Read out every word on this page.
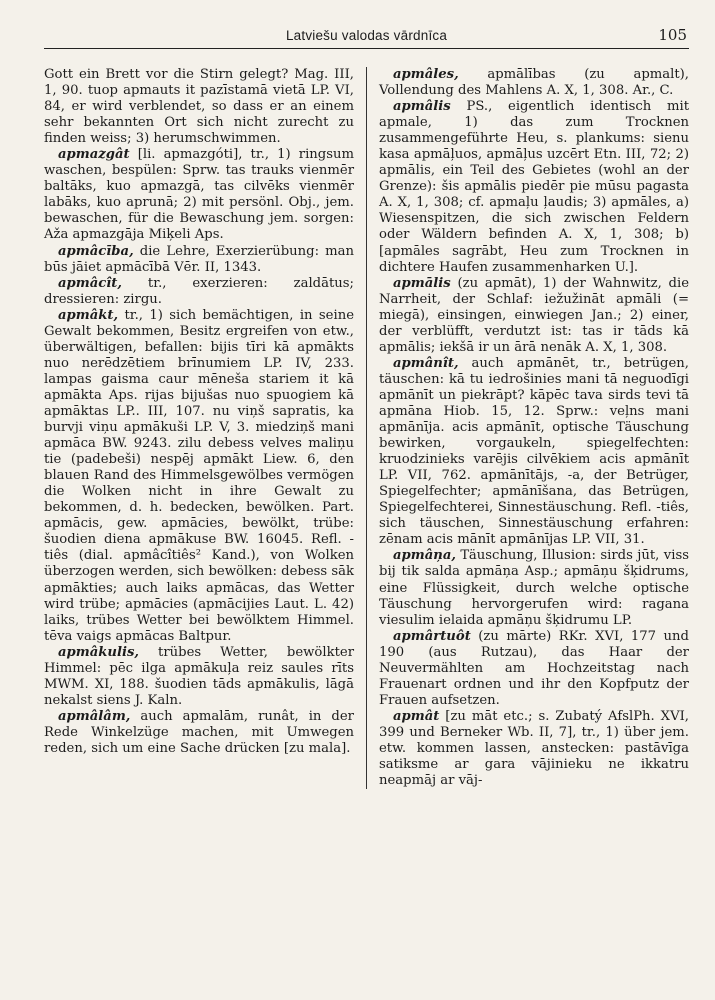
Latviešu valodas vārdnīca	105

Gott ein Brett vor die Stirn gelegt? Mag. III, 1, 90. tuop apmauts it pazīstamā vietā LP. VI, 84, er wird verblendet, so dass er an einem sehr bekannten Ort sich nicht zurecht zu finden weiss; 3) herumschwimmen.

apmazgât [li. apmazgóti], tr., 1) ringsum waschen, bespülen: Sprw. tas trauks vienmēr baltāks, kuo apmazgā, tas cilvēks vienmēr labāks, kuo aprunā; 2) mit persönl. Obj., jem. bewaschen, für die Bewaschung jem. sorgen: Aža apmazgāja Miķeli Aps.

apmâcība, die Lehre, Exerzierübung: man būs jāiet apmācībā Vēr. II, 1343.

apmâcît, tr., exerzieren: zaldātus; dressieren: zirgu.

apmâkt, tr., 1) sich bemächtigen, in seine Gewalt bekommen, Besitz ergreifen von etw., überwältigen, befallen: bijis tīri kā apmākts nuo nerēdzētiem brīnumiem LP. IV, 233. lampas gaisma caur mēneša stariem it kā apmākta Aps. rijas bijušas nuo spuogiem kā apmāktas LP.. III, 107. nu viņš sapratis, ka burvji viņu apmākuši LP. V, 3. miedziņš mani apmāca BW. 9243. zilu debess velves maliņu tie (padebeši) nespēj apmākt Liew. 6, den blauen Rand des Himmelsgewölbes vermögen die Wolken nicht in ihre Gewalt zu bekommen, d. h. bedecken, bewölken. Part. apmācis, gew. apmācies, bewölkt, trübe: šuodien diena apmākuse BW. 16045. Refl. -tiês (dial. apmâcîtiês² Kand.), von Wolken überzogen werden, sich bewölken: debess sāk apmākties; auch laiks apmācas, das Wetter wird trübe; apmācies (apmācijies Laut. L. 42) laiks, trübes Wetter bei bewölktem Himmel. tēva vaigs apmācas Baltpur.

apmâkulis, trübes Wetter, bewölkter Himmel: pēc ilga apmākuļa reiz saules rīts MWM. XI, 188. šuodien tāds apmākulis, lāgā nekalst siens J. Kaln.

apmâlâm, auch apmalām, runât, in der Rede Winkelzüge machen, mit Umwegen reden, sich um eine Sache drücken [zu mala].

apmâles, apmālības (zu apmalt), Vollendung des Mahlens A. X, 1, 308. Ar., C.

apmâlis PS., eigentlich identisch mit apmale, 1) das zum Trocknen zusammengeführte Heu, s. plankums: sienu kasa apmāļuos, apmāļus uzcērt Etn. III, 72; 2) apmālis, ein Teil des Gebietes (wohl an der Grenze): šis apmālis piedēr pie mūsu pagasta A. X, 1, 308; cf. apmaļu ļaudis; 3) apmāles, a) Wiesenspitzen, die sich zwischen Feldern oder Wäldern befinden A. X, 1, 308; b) [apmāles sagrābt, Heu zum Trocknen in dichtere Haufen zusammenharken U.].

apmālis (zu apmāt), 1) der Wahnwitz, die Narrheit, der Schlaf: iežužināt apmāli (= miegā), einsingen, einwiegen Jan.; 2) einer, der verblüfft, verdutzt ist: tas ir tāds kā apmālis; iekšā ir un ārā nenāk A. X, 1, 308.

apmânît, auch apmānēt, tr., betrügen, täuschen: kā tu iedrošinies mani tā neguodīgi apmānīt un piekrāpt? kāpēc tava sirds tevi tā apmāna Hiob. 15, 12. Sprw.: veļns mani apmānīja. acis apmānīt, optische Täuschung bewirken, vorgaukeln, spiegelfechten: kruodzinieks varējis cilvēkiem acis apmānīt LP. VII, 762. apmānītājs, -a, der Betrüger, Spiegelfechter; apmānīšana, das Betrügen, Spiegelfechterei, Sinnestäuschung. Refl. -tiês, sich täuschen, Sinnestäuschung erfahren: zēnam acis mānīt apmānījas LP. VII, 31.

apmâņa, Täuschung, Illusion: sirds jūt, viss bij tik salda apmāņa Asp.; apmāņu šķidrums, eine Flüssigkeit, durch welche optische Täuschung hervorgerufen wird: ragana viesulim ielaida apmāņu šķidrumu LP.

apmârtuôt (zu mārte) RKr. XVI, 177 und 190 (aus Rutzau), das Haar der Neuvermählten am Hochzeitstag nach Frauenart ordnen und ihr den Kopfputz der Frauen aufsetzen.

apmât [zu māt etc.; s. Zubatý AfslPh. XVI, 399 und Berneker Wb. II, 7], tr., 1) über jem. etw. kommen lassen, anstecken: pastāvīga satiksme ar gara vājinieku ne ikkatru neapmāj ar vāj-
